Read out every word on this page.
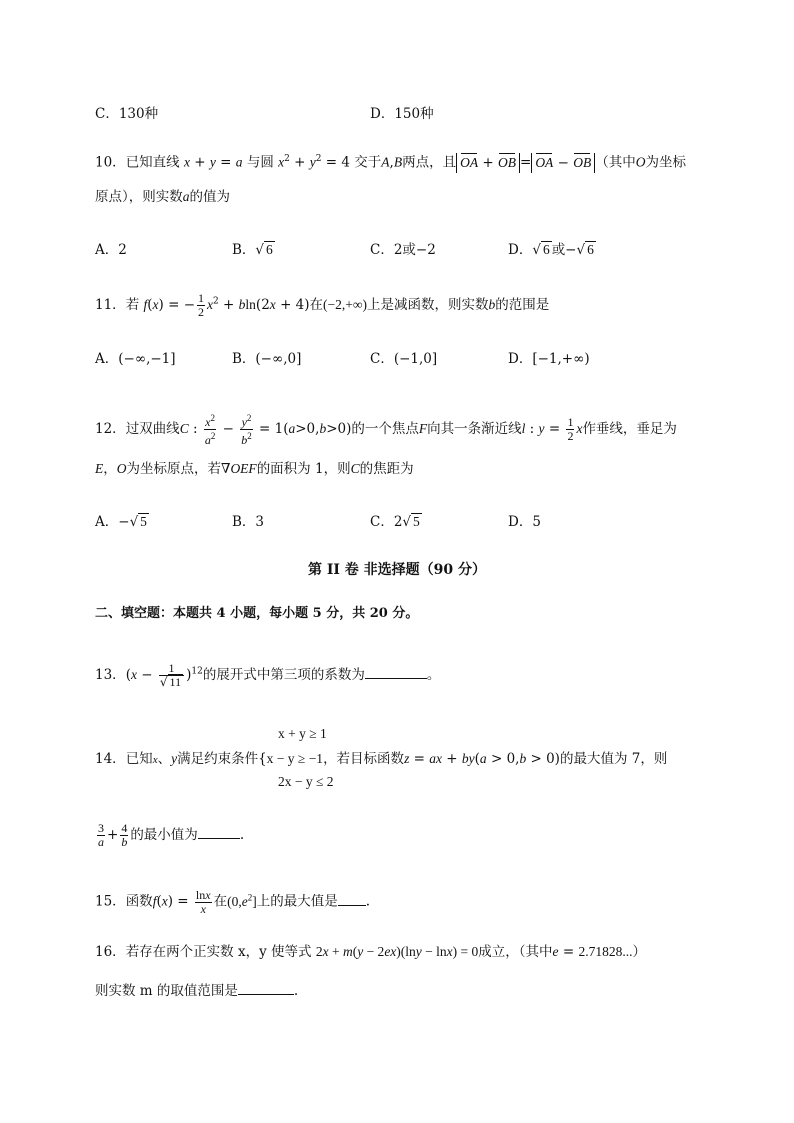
C．130种	D．150种
10．已知直线 x + y = a 与圆 $x^2 + y^2 = 4$ 交于A,B两点，且 OA + OB = OA − OB （其中O为坐标
原点），则实数a的值为
A．2	B．√ 6	C．2或−2	D．√ 6 或−√ 6
11．若 f(x) = − $\frac{1}{2} x^2 + bln(2x + 4)$在(−2,+∞)上是减函数，则实数b的范围是
A．(−∞,−1]	B．(−∞,0]	C．(−1,0]	D．[−1,+∞)
12．过双曲线C : $\frac{x^2}{a^2} - \frac{y^2}{b^2} = 1(a>0,b>0)$的一个焦点F向其一条渐近线l : $y = \frac{1}{2}$ x作垂线，垂足为
E，O为坐标原点，若∇OEF的面积为 1，则C的焦距为
A．−√ 5	B．3	C．2√ 5	D．5
第 II 卷 非选择题（90 分）
二、填空题：本题共 4 小题，每小题 5 分，共 20 分。
13．$(x - \frac{1}{√ 11} )^{12}$的展开式中第三项的系数为	。
x + y ≥ 1
14．已知x、y满足约束条件{x − y ≥ −1，若目标函数z = ax + by(a > 0,b > 0)的最大值为 7，则
2x − y ≤ 2
$\frac{3}{a} + \frac{4}{b}$ 的最小值为	.
15．函数$f(x) = \frac{\ln x}{x}$ 在$(0,e^2]$上的最大值是 .
16．若存在两个正实数 x，y 使等式 2x + m(y − 2ex)(lny − lnx) = 0成立，（其中e = 2.71828...）
则实数 m 的取值范围是	.
